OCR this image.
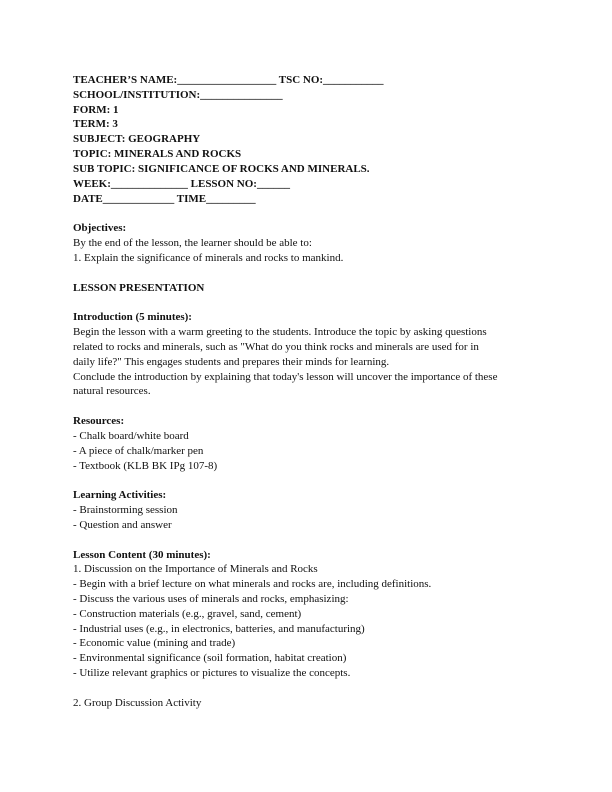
TEACHER’S NAME:__________________ TSC NO:___________
SCHOOL/INSTITUTION:_______________
FORM: 1
TERM: 3
SUBJECT: GEOGRAPHY
TOPIC: MINERALS AND ROCKS
SUB TOPIC: SIGNIFICANCE OF ROCKS AND MINERALS.
WEEK:______________ LESSON NO:______
DATE_____________ TIME_________
Objectives:
By the end of the lesson, the learner should be able to:
1. Explain the significance of minerals and rocks to mankind.
LESSON PRESENTATION
Introduction (5 minutes):
Begin the lesson with a warm greeting to the students. Introduce the topic by asking questions
related to rocks and minerals, such as "What do you think rocks and minerals are used for in
daily life?" This engages students and prepares their minds for learning.
Conclude the introduction by explaining that today's lesson will uncover the importance of these
natural resources.
Resources:
- Chalk board/white board
- A piece of chalk/marker pen
- Textbook (KLB BK IPg 107-8)
Learning Activities:
- Brainstorming session
- Question and answer
Lesson Content (30 minutes):
1. Discussion on the Importance of Minerals and Rocks
- Begin with a brief lecture on what minerals and rocks are, including definitions.
- Discuss the various uses of minerals and rocks, emphasizing:
- Construction materials (e.g., gravel, sand, cement)
- Industrial uses (e.g., in electronics, batteries, and manufacturing)
- Economic value (mining and trade)
- Environmental significance (soil formation, habitat creation)
- Utilize relevant graphics or pictures to visualize the concepts.
2. Group Discussion Activity
